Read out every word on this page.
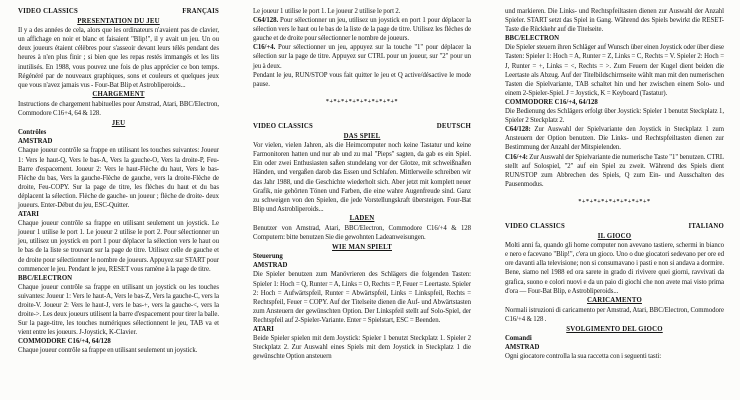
VIDEO CLASSICS	FRANÇAIS
PRESENTATION DU JEU

Il y a des années de cela, alors que les ordinateurs n'avaient pas de clavier, un affichage en noir et blanc et faisaient "Blip!", il y avait un jeu. Un ou deux joueurs étaient célèbres pour s'asseoir devant leurs télés pendant des heures à n'en plus finir ; si bien que les repas restés immangés et les lits inutilisés. En 1988, vous pouvez une fois de plus apprécier ce bon temps. Régénéré par de nouveaux graphiques, sons et couleurs et quelques jeux que vous n'avez jamais vus - Four-Bat Blip et Astrobliperoids...

CHARGEMENT

Instructions de chargement habituelles pour Amstrad, Atari, BBC/Electron, Commodore C16+4, 64 & 128.

JEU
Contrôles
AMSTRAD

Chaque joueur contrôle sa frappe en utilisant les touches suivantes: Joueur 1: Vers le haut-Q, Vers le bas-A, Vers la gauche-O, Vers la droite-P, Feu-Barre d'espacement. Joueur 2: Vers le haut-Flèche du haut, Vers le bas-Flèche du bas, Vers la gauche-Flèche de gauche, vers la droite-Flèche de droite, Feu-COPY. Sur la page de titre, les flèches du haut et du bas déplacent la sélection. Flèche de gauche- un joueur ; flèche de droite- deux joueurs. Enter-Début du jeu, ESC-Quitter.

ATARI

Chaque joueur contrôle sa frappe en utilisant seulement un joystick. Le joueur 1 utilise le port 1. Le joueur 2 utilise le port 2. Pour sélectionner un jeu, utilisez un joystick en port 1 pour déplacer la sélection vers le haut ou le bas de la liste se trouvant sur la page de titre. Utilisez celle de gauche et de droite pour sélectionner le nombre de joueurs. Appuyez sur START pour commencer le jeu. Pendant le jeu, RESET vous ramène à la page de titre.

BBC/ELECTRON

Chaque joueur contrôle sa frappe en utilisant un joystick ou les touches suivantes: Joueur 1: Vers le haut-A, Vers le bas-Z, Vers la gauche-C, vers la droite-V. Joueur 2: Vers le haut-J, vers le bas-+, vers la gauche-<, vers la droite->. Les deux joueurs utilisent la barre d'espacement pour tirer la balle. Sur la page-titre, les touches numériques sélectionnent le jeu, TAB va et vient entre les joueurs. J-Joystick, K-Clavier.

COMMODORE C16/+4, 64/128

Chaque joueur contrôle sa frappe en utilisant seulement un joystick.

Le joueur 1 utilise le port 1. Le joueur 2 utilise le port 2.

C64/128. Pour sélectionner un jeu, utilisez un joystick en port 1 pour déplacer la sélection vers le haut ou le bas de la liste de la page de titre. Utilisez les flèches de gauche et de droite pour sélectionner le nombre de joueurs.

C16/+4. Pour sélectionner un jeu, appuyez sur la touche "1" pour déplacer la sélection sur la page de titre. Appuyez sur CTRL pour un joueur, sur "2" pour un jeu à deux.

Pendant le jeu, RUN/STOP vous fait quitter le jeu et Q active/désactive le mode pause.

*+*+*+*+*+*+*+*+*+*
VIDEO CLASSICS	DEUTSCH
DAS SPIEL

Vor vielen, vielen Jahren, als die Heimcomputer noch keine Tastatur und keine Farmonitoren hatten und nur ab und zu mal "Pieps" sagten, da gab es ein Spiel. Ein oder zwei Enthusiasten saßen stundelang vor der Glotze, mit schweißnaßen Händen, und vergaßen darob das Essen und Schlafen. Mittlerweile schreiben wir das Jahr 1988, und die Geschichte wiederholt sich. Aber jetzt mit komplett neuer Grafik, nie gehörten Tönen und Farben, die eine wahre Augenfreude sind. Ganz zu schweigen von den Spielen, die jede Vorstellungskraft übersteigen. Four-Bat Blip und Astrobliperoids...

LADEN

Benutzer von Amstrad, Atari, BBC/Electron, Commodore C16/+4 & 128 Computern: bitte benutzen Sie die gewohnten Ladeanweisungen.

WIE MAN SPIELT
Steuerung
AMSTRAD

Die Spieler benutzen zum Manövrieren des Schlägers die folgenden Tasten: Spieler 1: Hoch = Q, Runter = A, Links = O, Rechts = P, Feuer = Leertaste. Spieler 2: Hoch = Aufwärtspfeil, Runter = Abwärtspfeil, Links = Linkspfeil, Rechts = Rechtspfeil, Feuer = COPY. Auf der Titelseite dienen die Auf- und Abwärtstasten zum Ansteuern der gewünschten Option. Der Linkspfeil stellt auf Solo-Spiel, der Rechtspfeil auf 2-Spieler-Variante. Enter = Spielstart, ESC = Beenden.

ATARI

Beide Spieler spielen mit dem Joystick: Spieler 1 benutzt Steckplatz 1. Spieler 2 Steckplatz 2. Zur Auswahl eines Spiels mit dem Joystick in Steckplatz 1 die gewünschte Option ansteuern

und markieren. Die Links- und Rechtspfeiltasten dienen zur Auswahl der Anzahl Spieler. START setzt das Spiel in Gang. Während des Spiels bewirkt die RESET-Taste die Rückkehr auf die Titelseite.

BBC/ELECTRON

Die Spieler steuern ihren Schläger auf Wunsch über einen Joystick oder über diese Tasten: Spieler 1: Hoch = A, Runter = Z, Links = C, Rechts = V. Spieler 2: Hoch = J, Runter = +, Links = <, Rechts = >. Zum Feuern der Kugel dient beiden die Leertaste als Abzug. Auf der Titelbildschirmseite wählt man mit den numerischen Tasten die Spielvariante, TAB schaltet hin und her zwischen einem Solo- und einem 2-Spieler-Spiel. J = Joystick, K = Keyboard (Tastatur).

COMMODORE C16/+4, 64/128

Die Bedienung des Schlägers erfolgt über Joystick: Spieler 1 benutzt Steckplatz 1, Spieler 2 Steckplatz 2.

C64/128: Zur Auswahl der Spielvariante den Joystick in Steckplatz 1 zum Ansteuern der Option benutzen. Die Links- und Rechtspfeiltasten dienen zur Bestimmung der Anzahl der Mitspielenden.

C16/+4: Zur Auswahl der Spielvariante die numerische Taste "1" benutzen. CTRL stellt auf Solospiel, "2" auf ein Spiel zu zweit. Während des Spiels dient RUN/STOP zum Abbrechen des Spiels, Q zum Ein- und Ausschalten des Pausenmodus.

*+*+*+*+*+*+*+*+*+*
VIDEO CLASSICS	ITALIANO
IL GIOCO

Molti anni fa, quando gli home computer non avevano tastiere, schermi in bianco e nero e facevano "Blip!", c'era un gioco. Uno o due giocatori sedevano per ore ed ore davanti alla televisione; non si consumavano i pasti e non si andava a dormire. Bene, siamo nel 1988 ed ora sarete in grado di rivivere quei giorni, ravvivati da grafica, suono e colori nuovi e da un paio di giochi che non avete mai visto prima d'ora — Four-Bat Blip, e Astrobliperoids...

CARICAMENTO

Normali istruzioni di caricamento per Amstrad, Atari, BBC/Electron, Commodore C16/+4 & 128 .

SVOLGIMENTO DEL GIOCO
Comandi
AMSTRAD

Ogni giocatore controlla la sua raccetta con i seguenti tasti:
